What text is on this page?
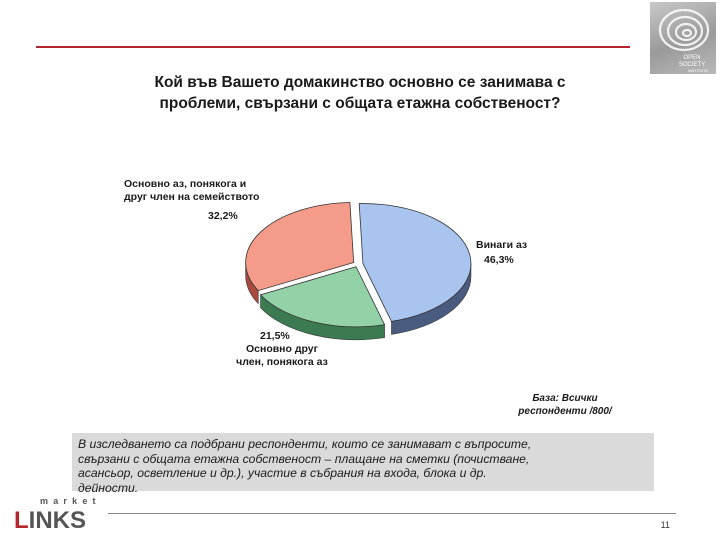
OPEN
SOCIETY
INSTITUTE
Кой във Вашето домакинство основно се занимава с
проблеми, свързани с общата етажна собственост?
Основно аз, понякога и
друг член на семейството
32,2%
Винаги аз
46,3%
21,5%
Основно друг
член, понякога аз
База: Всички
респонденти /800/
В изследването са подбрани респонденти, които се занимават с въпросите,
свързани с общата етажна собственост – плащане на сметки (почистване,
асансьор, осветление и др.), участие в събрания на входа, блока и др.
дейности.
11
market
LINKS
